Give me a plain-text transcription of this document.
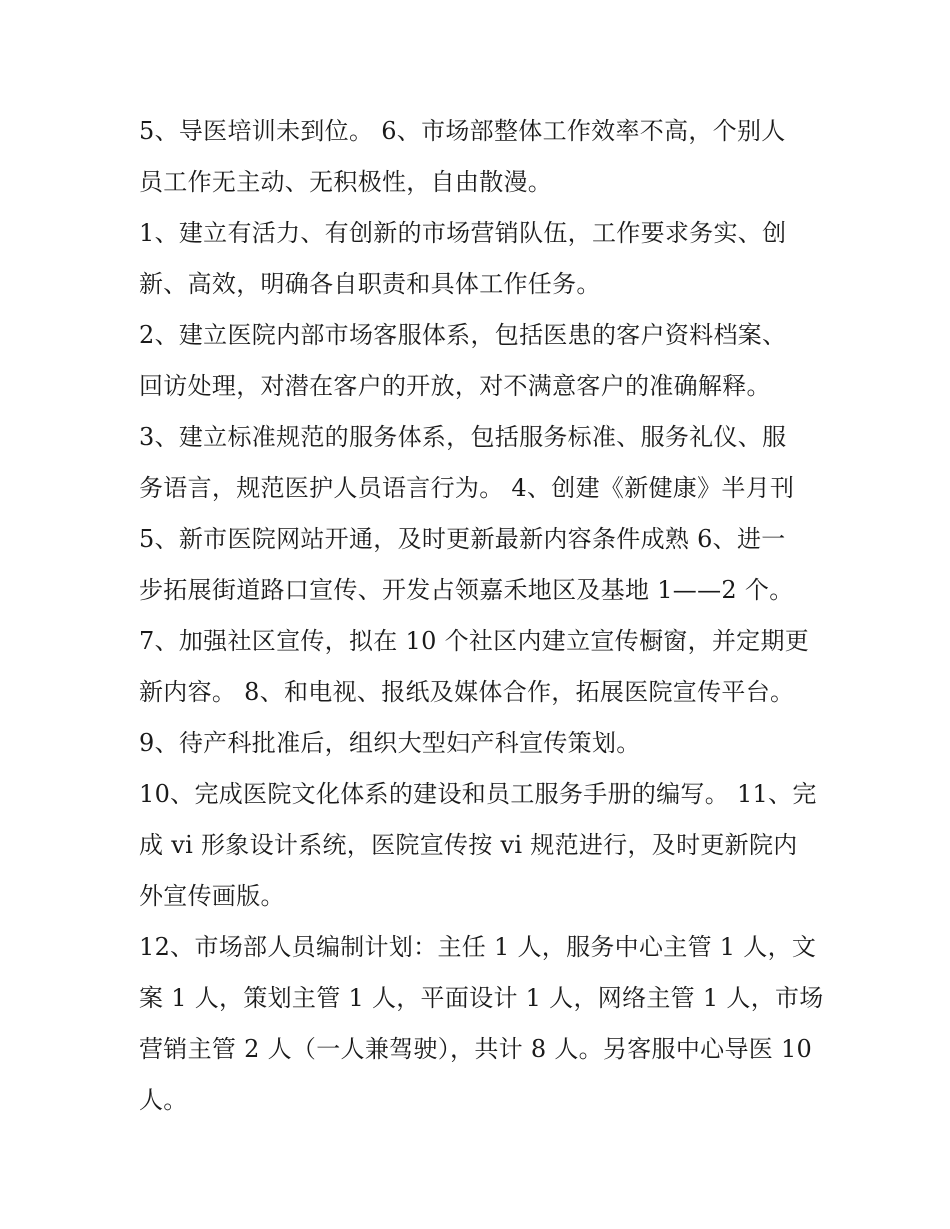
5、导医培训未到位。 6、市场部整体工作效率不高，个别人
员工作无主动、无积极性，自由散漫。
1、建立有活力、有创新的市场营销队伍，工作要求务实、创
新、高效，明确各自职责和具体工作任务。
2、建立医院内部市场客服体系，包括医患的客户资料档案、
回访处理，对潜在客户的开放，对不满意客户的准确解释。
3、建立标准规范的服务体系，包括服务标准、服务礼仪、服
务语言，规范医护人员语言行为。 4、创建《新健康》半月刊
5、新市医院网站开通，及时更新最新内容条件成熟 6、进一
步拓展街道路口宣传、开发占领嘉禾地区及基地 1——2 个。
7、加强社区宣传，拟在 10 个社区内建立宣传橱窗，并定期更
新内容。 8、和电视、报纸及媒体合作，拓展医院宣传平台。
9、待产科批准后，组织大型妇产科宣传策划。
10、完成医院文化体系的建设和员工服务手册的编写。 11、完
成 vi 形象设计系统，医院宣传按 vi 规范进行，及时更新院内
外宣传画版。
12、市场部人员编制计划：主任 1 人，服务中心主管 1 人，文
案 1 人，策划主管 1 人，平面设计 1 人，网络主管 1 人，市场
营销主管 2 人（一人兼驾驶），共计 8 人。另客服中心导医 10
人。
